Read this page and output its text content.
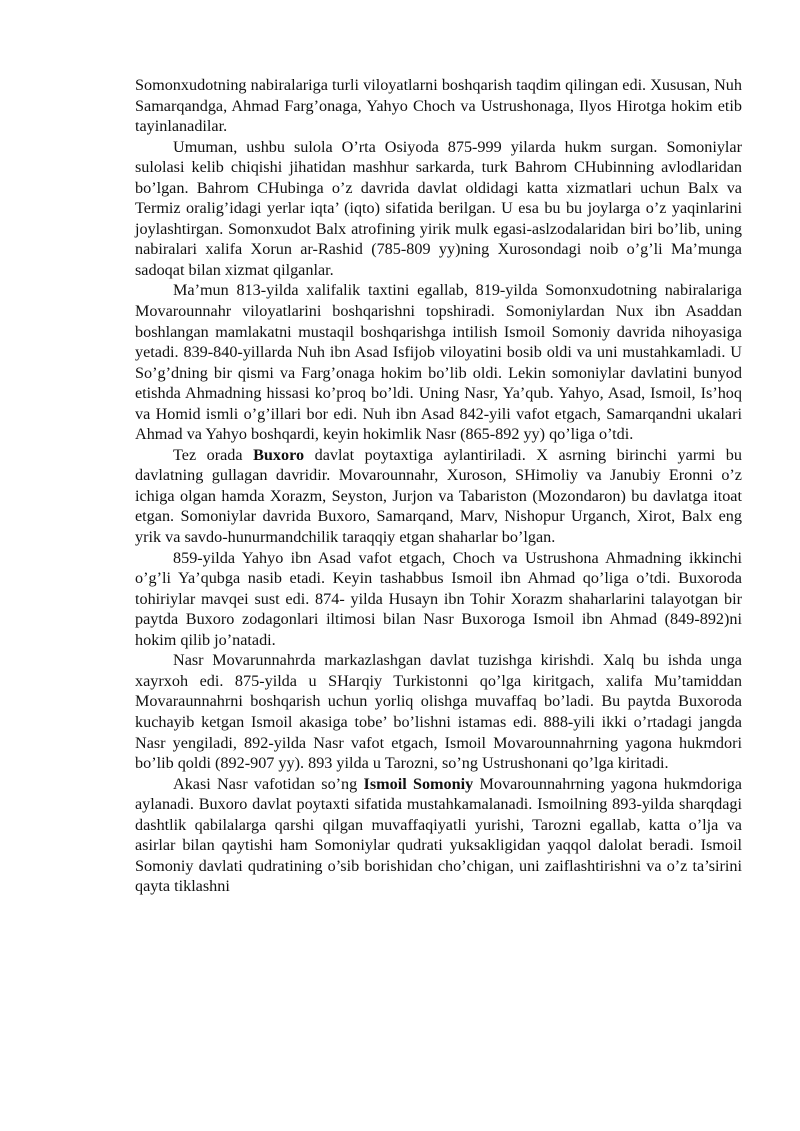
Somonxudotning nabiralariga turli viloyatlarni boshqarish taqdim qilingan edi. Xususan, Nuh Samarqandga, Ahmad Farg’onaga, Yahyo Choch va Ustrushonaga, Ilyos Hirotga hokim etib tayinlanadilar.

Umuman, ushbu sulola O’rta Osiyoda 875-999 yilarda hukm surgan. Somoniylar sulolasi kelib chiqishi jihatidan mashhur sarkarda, turk Bahrom CHubinning avlodlaridan bo’lgan. Bahrom CHubinga o’z davrida davlat oldidagi katta xizmatlari uchun Balx va Termiz oralig’idagi yerlar iqta’ (iqto) sifatida berilgan. U esa bu bu joylarga o’z yaqinlarini joylashtirgan. Somonxudot Balx atrofining yirik mulk egasi-aslzodalaridan biri bo’lib, uning nabiralari xalifa Xorun ar-Rashid (785-809 yy)ning Xurosondagi noib o’g’li Ma’munga sadoqat bilan xizmat qilganlar.

Ma’mun 813-yilda xalifalik taxtini egallab, 819-yilda Somonxudotning nabiralariga Movarounnahr viloyatlarini boshqarishni topshiradi. Somoniylardan Nux ibn Asaddan boshlangan mamlakatni mustaqil boshqarishga intilish Ismoil Somoniy davrida nihoyasiga yetadi. 839-840-yillarda Nuh ibn Asad Isfijob viloyatini bosib oldi va uni mustahkamladi. U So’g’dning bir qismi va Farg’onaga hokim bo’lib oldi. Lekin somoniylar davlatini bunyod etishda Ahmadning hissasi ko’proq bo’ldi. Uning Nasr, Ya’qub. Yahyo, Asad, Ismoil, Is’hoq va Homid ismli o’g’illari bor edi. Nuh ibn Asad 842-yili vafot etgach, Samarqandni ukalari Ahmad va Yahyo boshqardi, keyin hokimlik Nasr (865-892 yy) qo’liga o’tdi.

Tez orada Buxoro davlat poytaxtiga aylantiriladi. X asrning birinchi yarmi bu davlatning gullagan davridir. Movarounnahr, Xuroson, SHimoliy va Janubiy Eronni o’z ichiga olgan hamda Xorazm, Seyston, Jurjon va Tabariston (Mozondaron) bu davlatga itoat etgan. Somoniylar davrida Buxoro, Samarqand, Marv, Nishopur Urganch, Xirot, Balx eng yrik va savdo-hunurmandchilik taraqqiy etgan shaharlar bo’lgan.

859-yilda Yahyo ibn Asad vafot etgach, Choch va Ustrushona Ahmadning ikkinchi o’g’li Ya’qubga nasib etadi. Keyin tashabbus Ismoil ibn Ahmad qo’liga o’tdi. Buxoroda tohiriylar mavqei sust edi. 874- yilda Husayn ibn Tohir Xorazm shaharlarini talayotgan bir paytda Buxoro zodagonlari iltimosi bilan Nasr Buxoroga Ismoil ibn Ahmad (849-892)ni hokim qilib jo’natadi.

Nasr Movarunnahrda markazlashgan davlat tuzishga kirishdi. Xalq bu ishda unga xayrxoh edi. 875-yilda u SHarqiy Turkistonni qo’lga kiritgach, xalifa Mu’tamiddan Movaraunnahrni boshqarish uchun yorliq olishga muvaffaq bo’ladi. Bu paytda Buxoroda kuchayib ketgan Ismoil akasiga tobe’ bo’lishni istamas edi. 888-yili ikki o’rtadagi jangda Nasr yengiladi, 892-yilda Nasr vafot etgach, Ismoil Movarounnahrning yagona hukmdori bo’lib qoldi (892-907 yy). 893 yilda u Tarozni, so’ng Ustrushonani qo’lga kiritadi.

Akasi Nasr vafotidan so’ng Ismoil Somoniy Movarounnahrning yagona hukmdoriga aylanadi. Buxoro davlat poytaxti sifatida mustahkamalanadi. Ismoilning 893-yilda sharqdagi dashtlik qabilalarga qarshi qilgan muvaffaqiyatli yurishi, Tarozni egallab, katta o’lja va asirlar bilan qaytishi ham Somoniylar qudrati yuksakligidan yaqqol dalolat beradi. Ismoil Somoniy davlati qudratining o’sib borishidan cho’chigan, uni zaiflashtirishni va o’z ta’sirini qayta tiklashni
